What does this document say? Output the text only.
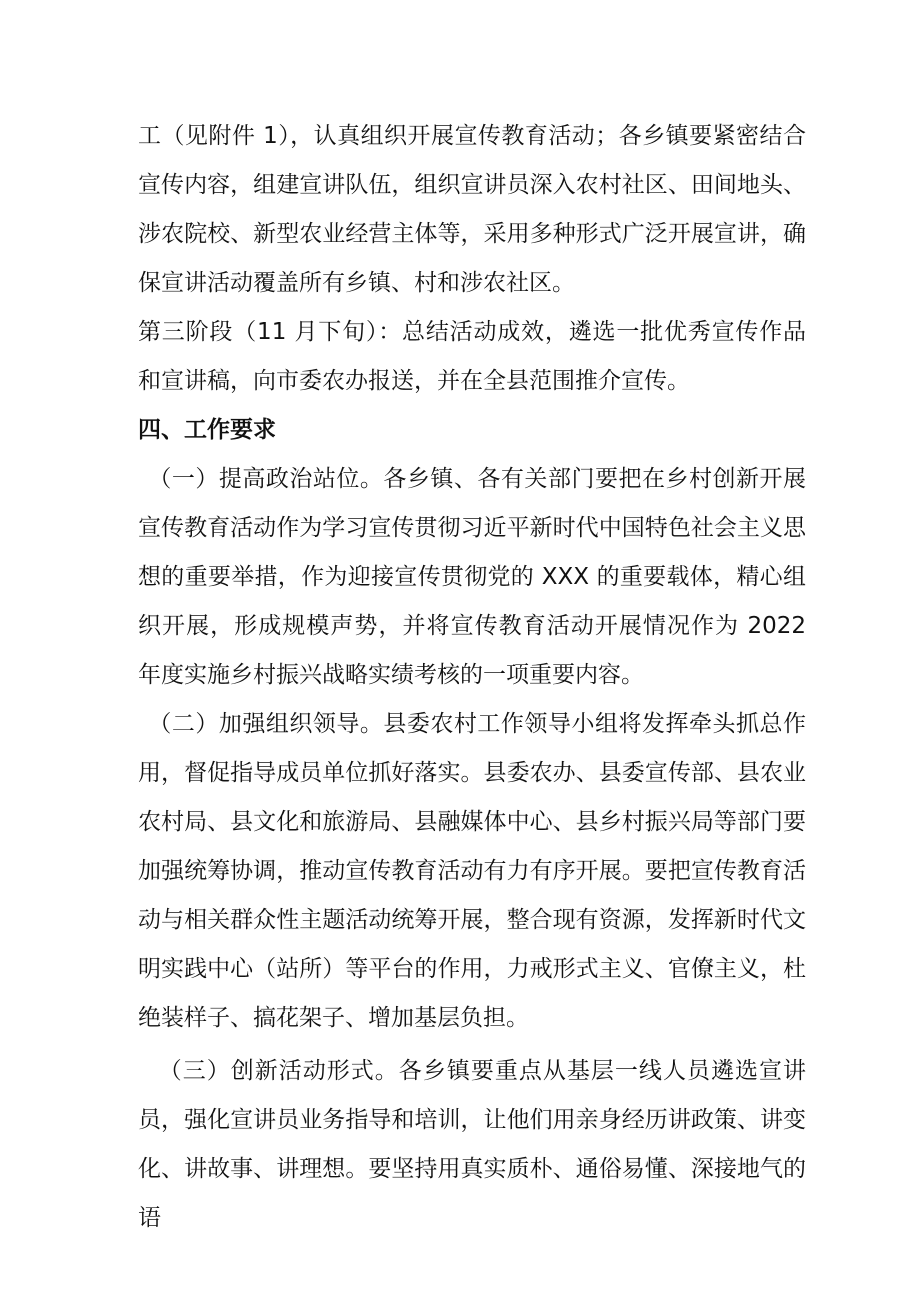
工（见附件 1），认真组织开展宣传教育活动；各乡镇要紧密结合宣传内容，组建宣讲队伍，组织宣讲员深入农村社区、田间地头、涉农院校、新型农业经营主体等，采用多种形式广泛开展宣讲，确保宣讲活动覆盖所有乡镇、村和涉农社区。

第三阶段（11 月下旬）：总结活动成效，遴选一批优秀宣传作品和宣讲稿，向市委农办报送，并在全县范围推介宣传。

四、工作要求

（一）提高政治站位。各乡镇、各有关部门要把在乡村创新开展宣传教育活动作为学习宣传贯彻习近平新时代中国特色社会主义思想的重要举措，作为迎接宣传贯彻党的 XXX 的重要载体，精心组织开展，形成规模声势，并将宣传教育活动开展情况作为 2022 年度实施乡村振兴战略实绩考核的一项重要内容。

（二）加强组织领导。县委农村工作领导小组将发挥牵头抓总作用，督促指导成员单位抓好落实。县委农办、县委宣传部、县农业农村局、县文化和旅游局、县融媒体中心、县乡村振兴局等部门要加强统筹协调，推动宣传教育活动有力有序开展。要把宣传教育活动与相关群众性主题活动统筹开展，整合现有资源，发挥新时代文明实践中心（站所）等平台的作用，力戒形式主义、官僚主义，杜绝装样子、搞花架子、增加基层负担。

（三）创新活动形式。各乡镇要重点从基层一线人员遴选宣讲员，强化宣讲员业务指导和培训，让他们用亲身经历讲政策、讲变化、讲故事、讲理想。要坚持用真实质朴、通俗易懂、深接地气的语
